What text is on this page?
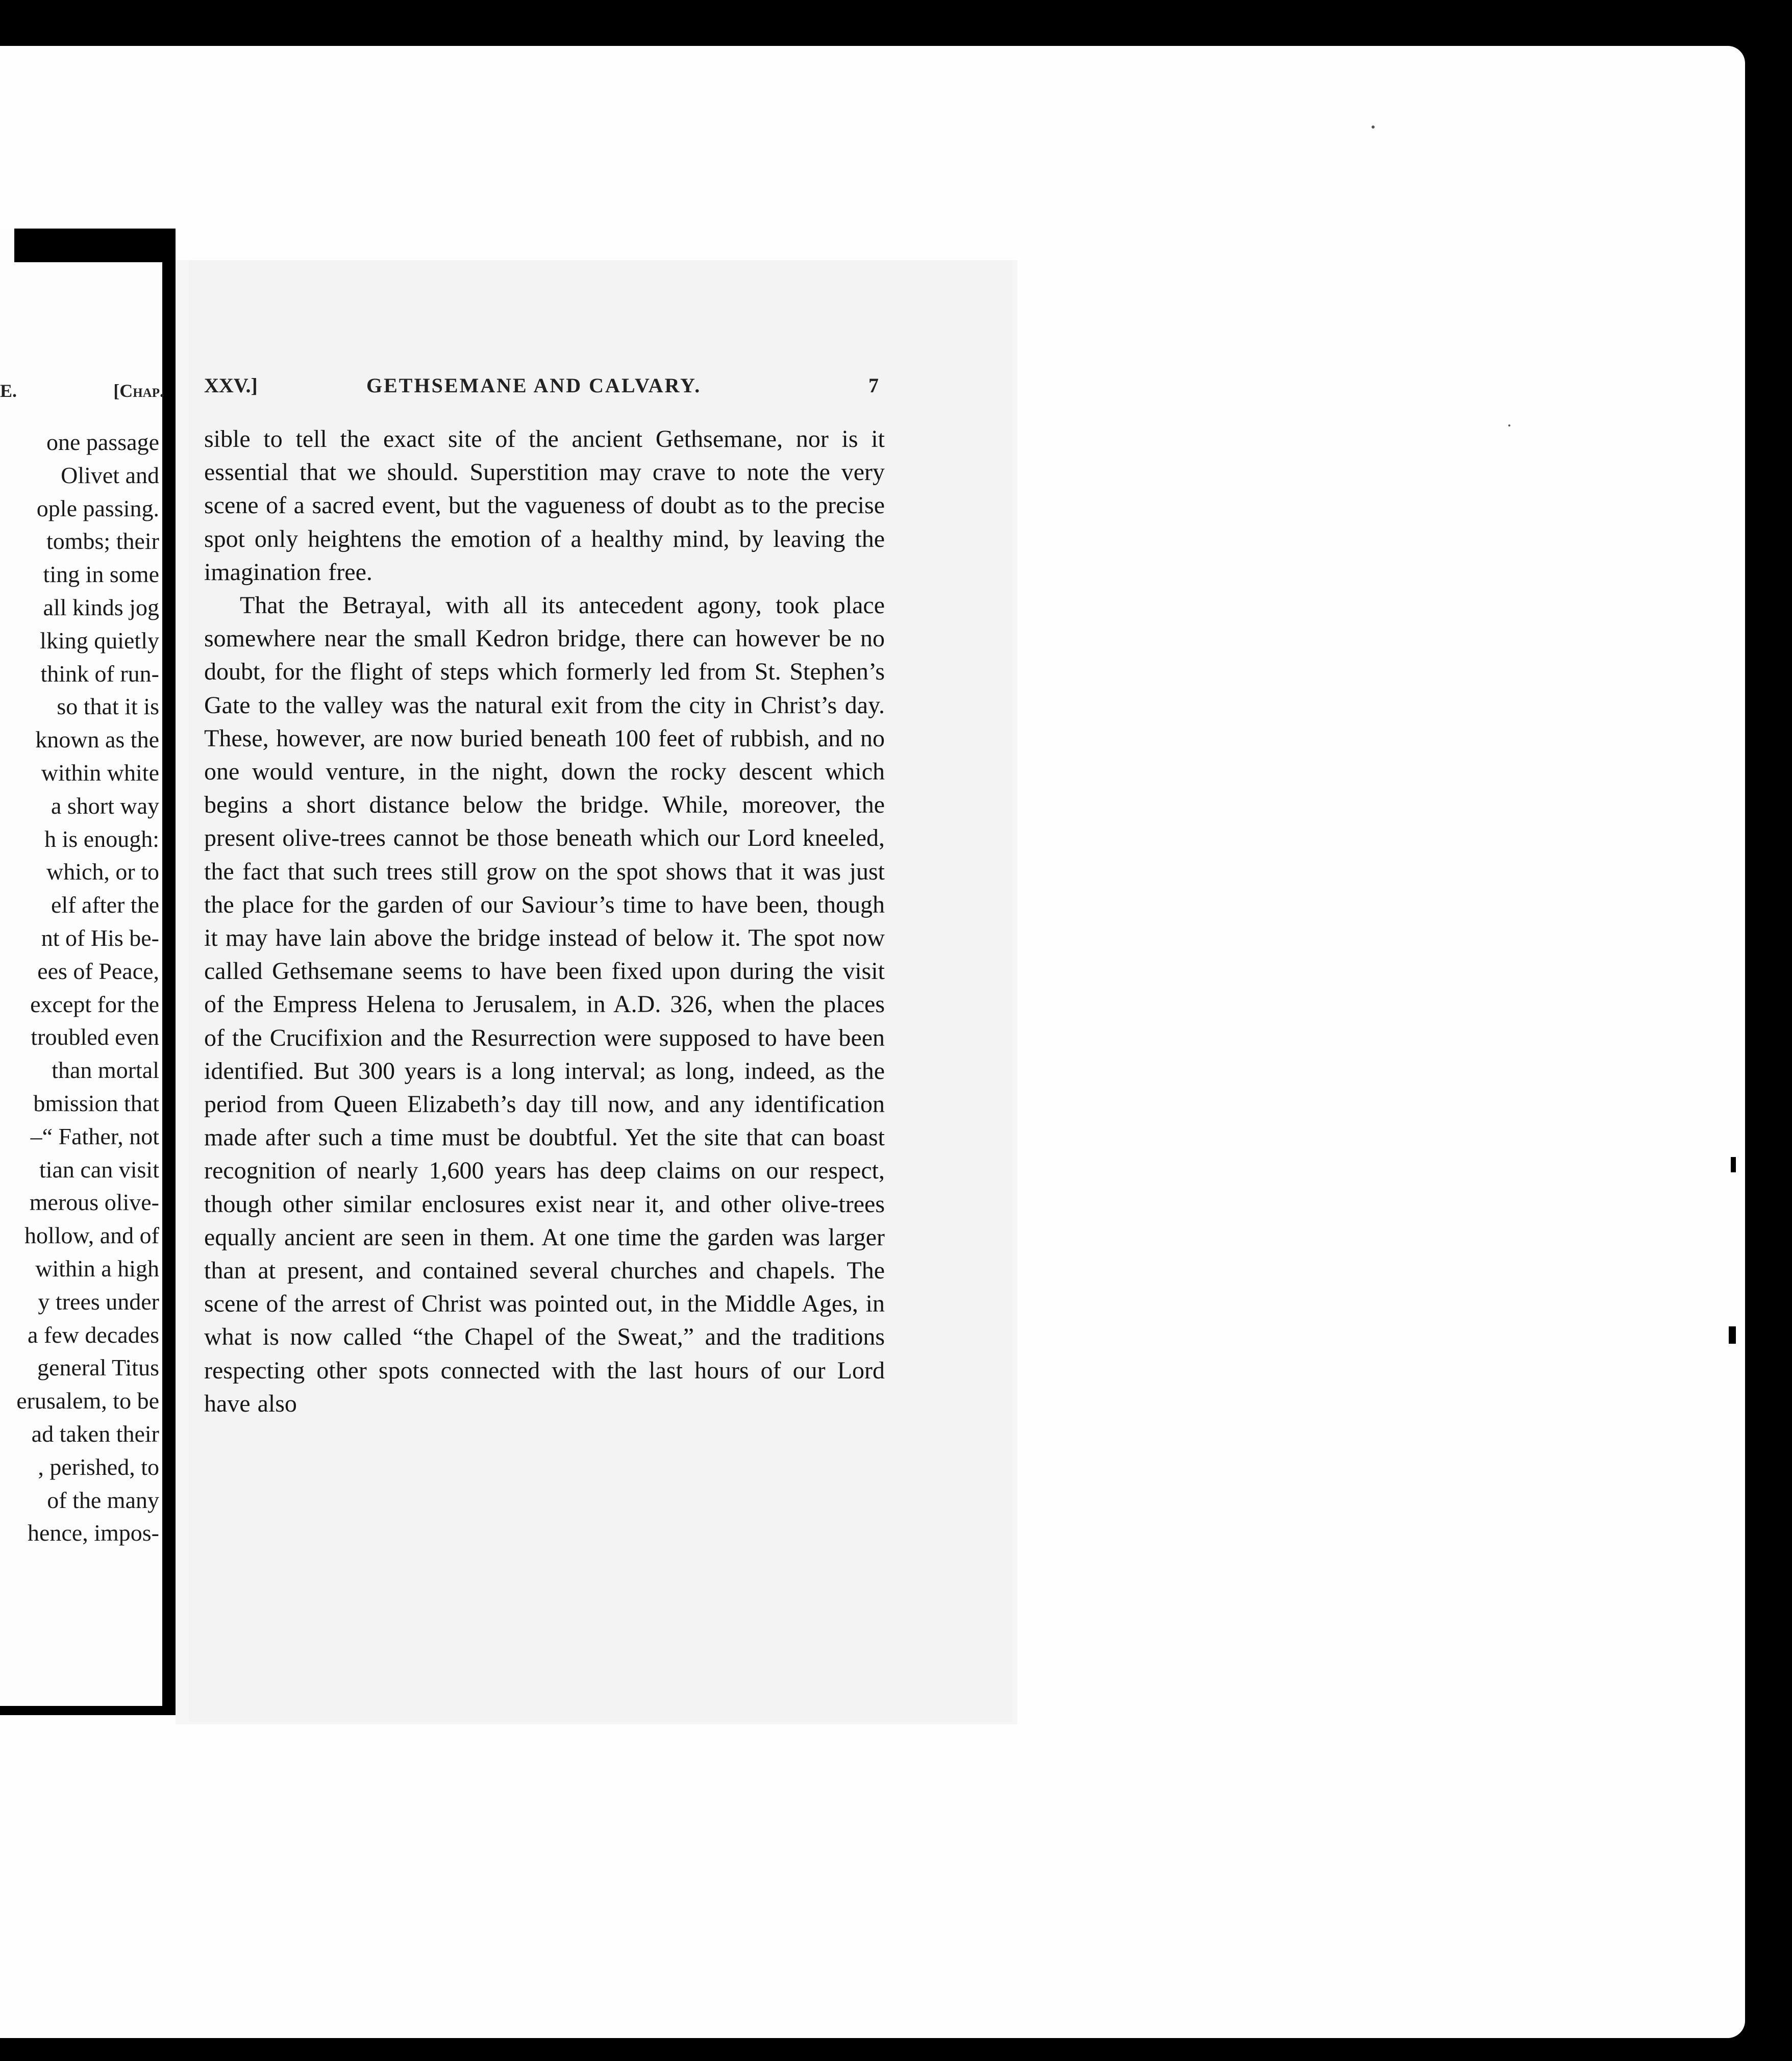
E.	[Chap.
one passage
Olivet and
ople passing.
tombs; their
ting in some
all kinds jog
lking quietly
think of run-
so that it is
known as the
within white
a short way
h is enough:
which, or to
elf after the
nt of His be-
ees of Peace,
except for the
troubled even
than mortal
bmission that
–“ Father, not
tian can visit
merous olive-
hollow, and of
within a high
y trees under
a few decades
general Titus
erusalem, to be
ad taken their
, perished, to
of the many
hence, impos-
XXV.]	GETHSEMANE AND CALVARY.	7

sible to tell the exact site of the ancient Gethsemane, nor is it essential that we should. Superstition may crave to note the very scene of a sacred event, but the vagueness of doubt as to the precise spot only heightens the emotion of a healthy mind, by leaving the imagination free.

That the Betrayal, with all its antecedent agony, took place somewhere near the small Kedron bridge, there can however be no doubt, for the flight of steps which formerly led from St. Stephen’s Gate to the valley was the natural exit from the city in Christ’s day. These, however, are now buried beneath 100 feet of rubbish, and no one would venture, in the night, down the rocky descent which begins a short distance below the bridge. While, moreover, the present olive-trees cannot be those beneath which our Lord kneeled, the fact that such trees still grow on the spot shows that it was just the place for the garden of our Saviour’s time to have been, though it may have lain above the bridge instead of below it. The spot now called Gethsemane seems to have been fixed upon during the visit of the Empress Helena to Jerusalem, in A.D. 326, when the places of the Crucifixion and the Resurrection were supposed to have been identified. But 300 years is a long interval; as long, indeed, as the period from Queen Elizabeth’s day till now, and any identification made after such a time must be doubtful. Yet the site that can boast recognition of nearly 1,600 years has deep claims on our respect, though other similar enclosures exist near it, and other olive-trees equally ancient are seen in them. At one time the garden was larger than at present, and contained several churches and chapels. The scene of the arrest of Christ was pointed out, in the Middle Ages, in what is now called “the Chapel of the Sweat,” and the traditions respecting other spots connected with the last hours of our Lord have also
